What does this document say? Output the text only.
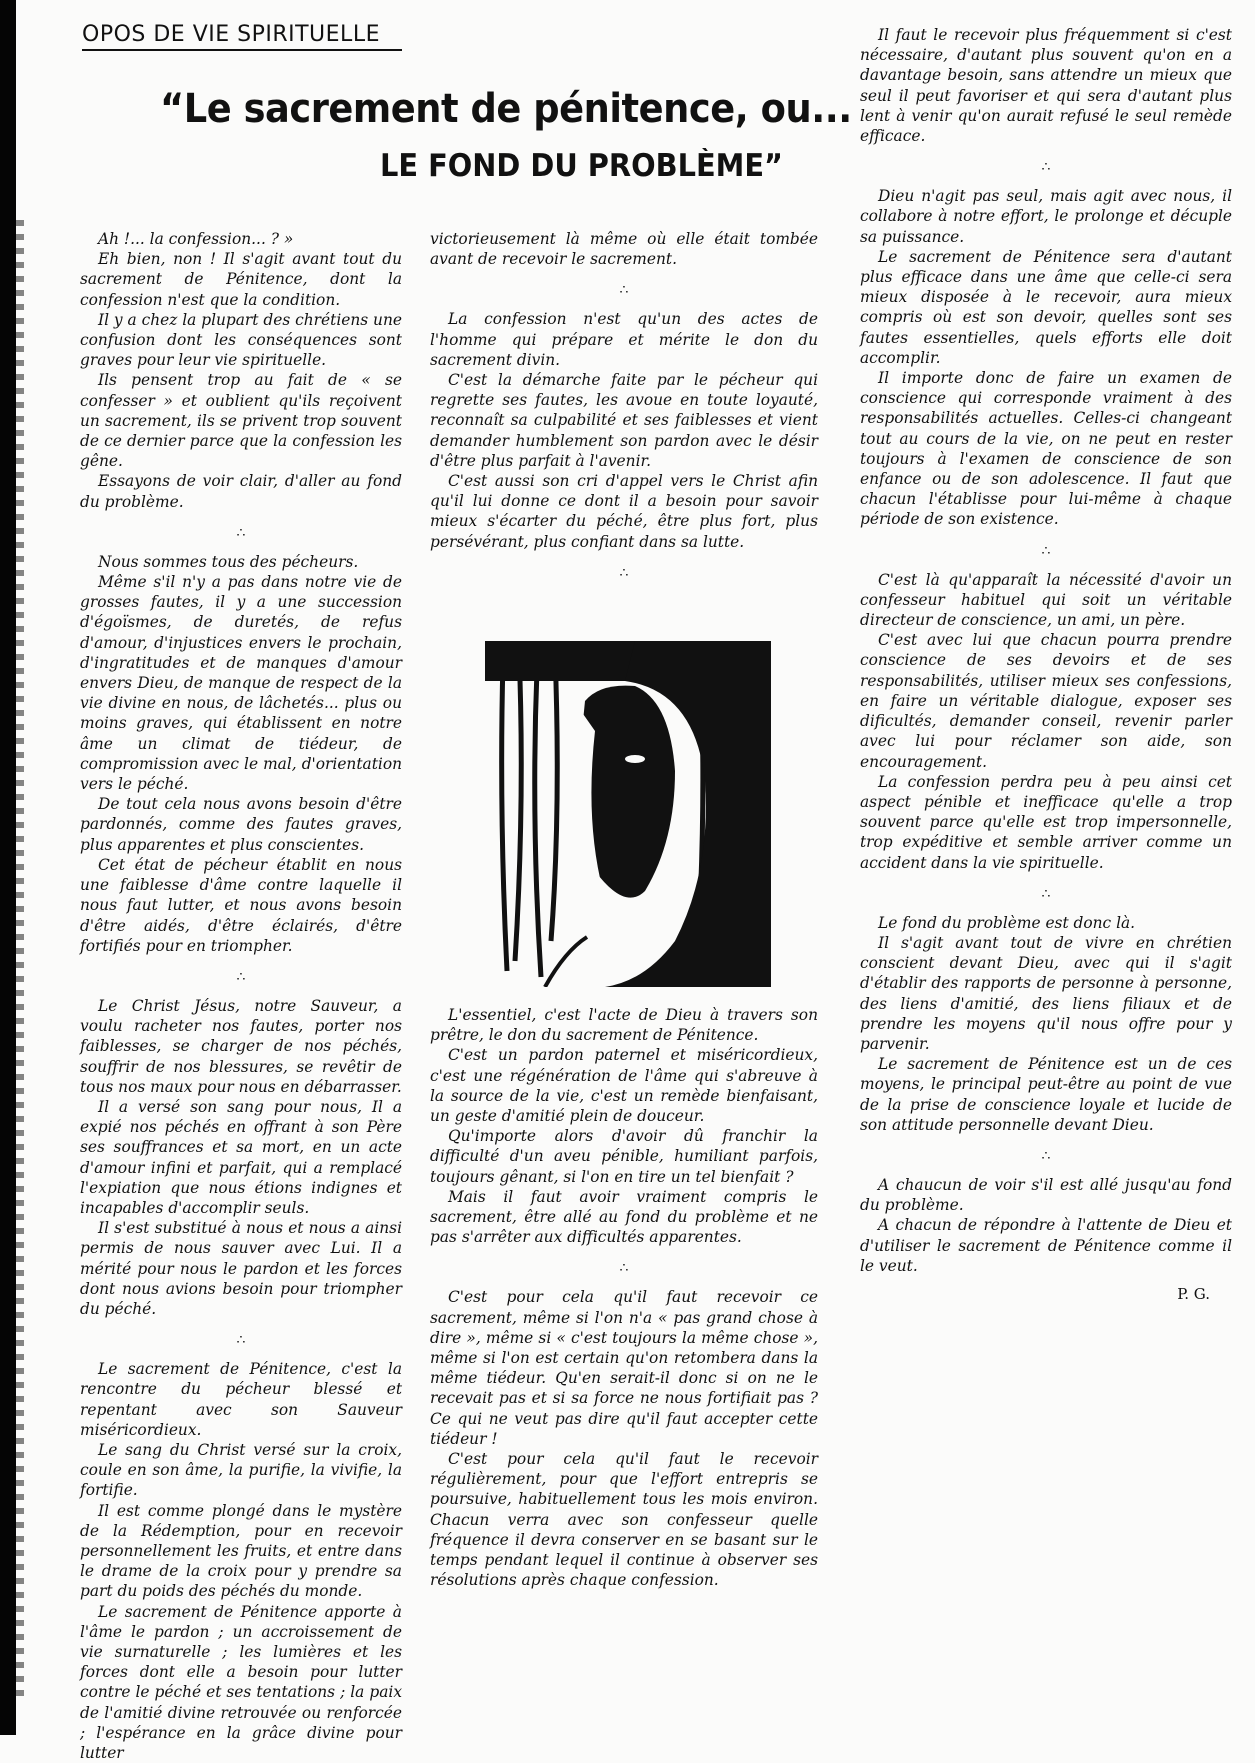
OPOS DE VIE SPIRITUELLE
“Le sacrement de pénitence, ou...
LE FOND DU PROBLÈME”

Ah !... la confession... ? »

Eh bien, non ! Il s'agit avant tout du sacrement de Pénitence, dont la confession n'est que la condition.

Il y a chez la plupart des chrétiens une confusion dont les conséquences sont graves pour leur vie spirituelle.

Ils pensent trop au fait de « se confesser » et oublient qu'ils reçoivent un sacrement, ils se privent trop souvent de ce dernier parce que la confession les gêne.

Essayons de voir clair, d'aller au fond du problème.

∴

Nous sommes tous des pécheurs.

Même s'il n'y a pas dans notre vie de grosses fautes, il y a une succession d'égoïsmes, de duretés, de refus d'amour, d'injustices envers le prochain, d'ingratitudes et de manques d'amour envers Dieu, de manque de respect de la vie divine en nous, de lâchetés... plus ou moins graves, qui établissent en notre âme un climat de tiédeur, de compromission avec le mal, d'orientation vers le péché.

De tout cela nous avons besoin d'être pardonnés, comme des fautes graves, plus apparentes et plus conscientes.

Cet état de pécheur établit en nous une faiblesse d'âme contre laquelle il nous faut lutter, et nous avons besoin d'être aidés, d'être éclairés, d'être fortifiés pour en triompher.

∴

Le Christ Jésus, notre Sauveur, a voulu racheter nos fautes, porter nos faiblesses, se charger de nos péchés, souffrir de nos blessures, se revêtir de tous nos maux pour nous en débarrasser.

Il a versé son sang pour nous, Il a expié nos péchés en offrant à son Père ses souffrances et sa mort, en un acte d'amour infini et parfait, qui a remplacé l'expiation que nous étions indignes et incapables d'accomplir seuls.

Il s'est substitué à nous et nous a ainsi permis de nous sauver avec Lui. Il a mérité pour nous le pardon et les forces dont nous avions besoin pour triompher du péché.

∴

Le sacrement de Pénitence, c'est la rencontre du pécheur blessé et repentant avec son Sauveur miséricordieux.

Le sang du Christ versé sur la croix, coule en son âme, la purifie, la vivifie, la fortifie.

Il est comme plongé dans le mystère de la Rédemption, pour en recevoir personnellement les fruits, et entre dans le drame de la croix pour y prendre sa part du poids des péchés du monde.

Le sacrement de Pénitence apporte à l'âme le pardon ; un accroissement de vie surnaturelle ; les lumières et les forces dont elle a besoin pour lutter contre le péché et ses tentations ; la paix de l'amitié divine retrouvée ou renforcée ; l'espérance en la grâce divine pour lutter

victorieusement là même où elle était tombée avant de recevoir le sacrement.

∴

La confession n'est qu'un des actes de l'homme qui prépare et mérite le don du sacrement divin.

C'est la démarche faite par le pécheur qui regrette ses fautes, les avoue en toute loyauté, reconnaît sa culpabilité et ses faiblesses et vient demander humblement son pardon avec le désir d'être plus parfait à l'avenir.

C'est aussi son cri d'appel vers le Christ afin qu'il lui donne ce dont il a besoin pour savoir mieux s'écarter du péché, être plus fort, plus persévérant, plus confiant dans sa lutte.

∴

L'essentiel, c'est l'acte de Dieu à travers son prêtre, le don du sacrement de Pénitence.

C'est un pardon paternel et miséricordieux, c'est une régénération de l'âme qui s'abreuve à la source de la vie, c'est un remède bienfaisant, un geste d'amitié plein de douceur.

Qu'importe alors d'avoir dû franchir la difficulté d'un aveu pénible, humiliant parfois, toujours gênant, si l'on en tire un tel bienfait ?

Mais il faut avoir vraiment compris le sacrement, être allé au fond du problème et ne pas s'arrêter aux difficultés apparentes.

∴

C'est pour cela qu'il faut recevoir ce sacrement, même si l'on n'a « pas grand chose à dire », même si « c'est toujours la même chose », même si l'on est certain qu'on retombera dans la même tiédeur. Qu'en serait-il donc si on ne le recevait pas et si sa force ne nous fortifiait pas ? Ce qui ne veut pas dire qu'il faut accepter cette tiédeur !

C'est pour cela qu'il faut le recevoir régulièrement, pour que l'effort entrepris se poursuive, habituellement tous les mois environ. Chacun verra avec son confesseur quelle fréquence il devra conserver en se basant sur le temps pendant lequel il continue à observer ses résolutions après chaque confession.

Il faut le recevoir plus fréquemment si c'est nécessaire, d'autant plus souvent qu'on en a davantage besoin, sans attendre un mieux que seul il peut favoriser et qui sera d'autant plus lent à venir qu'on aurait refusé le seul remède efficace.

∴

Dieu n'agit pas seul, mais agit avec nous, il collabore à notre effort, le prolonge et décuple sa puissance.

Le sacrement de Pénitence sera d'autant plus efficace dans une âme que celle-ci sera mieux disposée à le recevoir, aura mieux compris où est son devoir, quelles sont ses fautes essentielles, quels efforts elle doit accomplir.

Il importe donc de faire un examen de conscience qui corresponde vraiment à des responsabilités actuelles. Celles-ci changeant tout au cours de la vie, on ne peut en rester toujours à l'examen de conscience de son enfance ou de son adolescence. Il faut que chacun l'établisse pour lui-même à chaque période de son existence.

∴

C'est là qu'apparaît la nécessité d'avoir un confesseur habituel qui soit un véritable directeur de conscience, un ami, un père.

C'est avec lui que chacun pourra prendre conscience de ses devoirs et de ses responsabilités, utiliser mieux ses confessions, en faire un véritable dialogue, exposer ses dificultés, demander conseil, revenir parler avec lui pour réclamer son aide, son encouragement.

La confession perdra peu à peu ainsi cet aspect pénible et inefficace qu'elle a trop souvent parce qu'elle est trop impersonnelle, trop expéditive et semble arriver comme un accident dans la vie spirituelle.

∴

Le fond du problème est donc là.

Il s'agit avant tout de vivre en chrétien conscient devant Dieu, avec qui il s'agit d'établir des rapports de personne à personne, des liens d'amitié, des liens filiaux et de prendre les moyens qu'il nous offre pour y parvenir.

Le sacrement de Pénitence est un de ces moyens, le principal peut-être au point de vue de la prise de conscience loyale et lucide de son attitude personnelle devant Dieu.

∴

A chaucun de voir s'il est allé jusqu'au fond du problème.

A chacun de répondre à l'attente de Dieu et d'utiliser le sacrement de Pénitence comme il le veut.

P. G.
